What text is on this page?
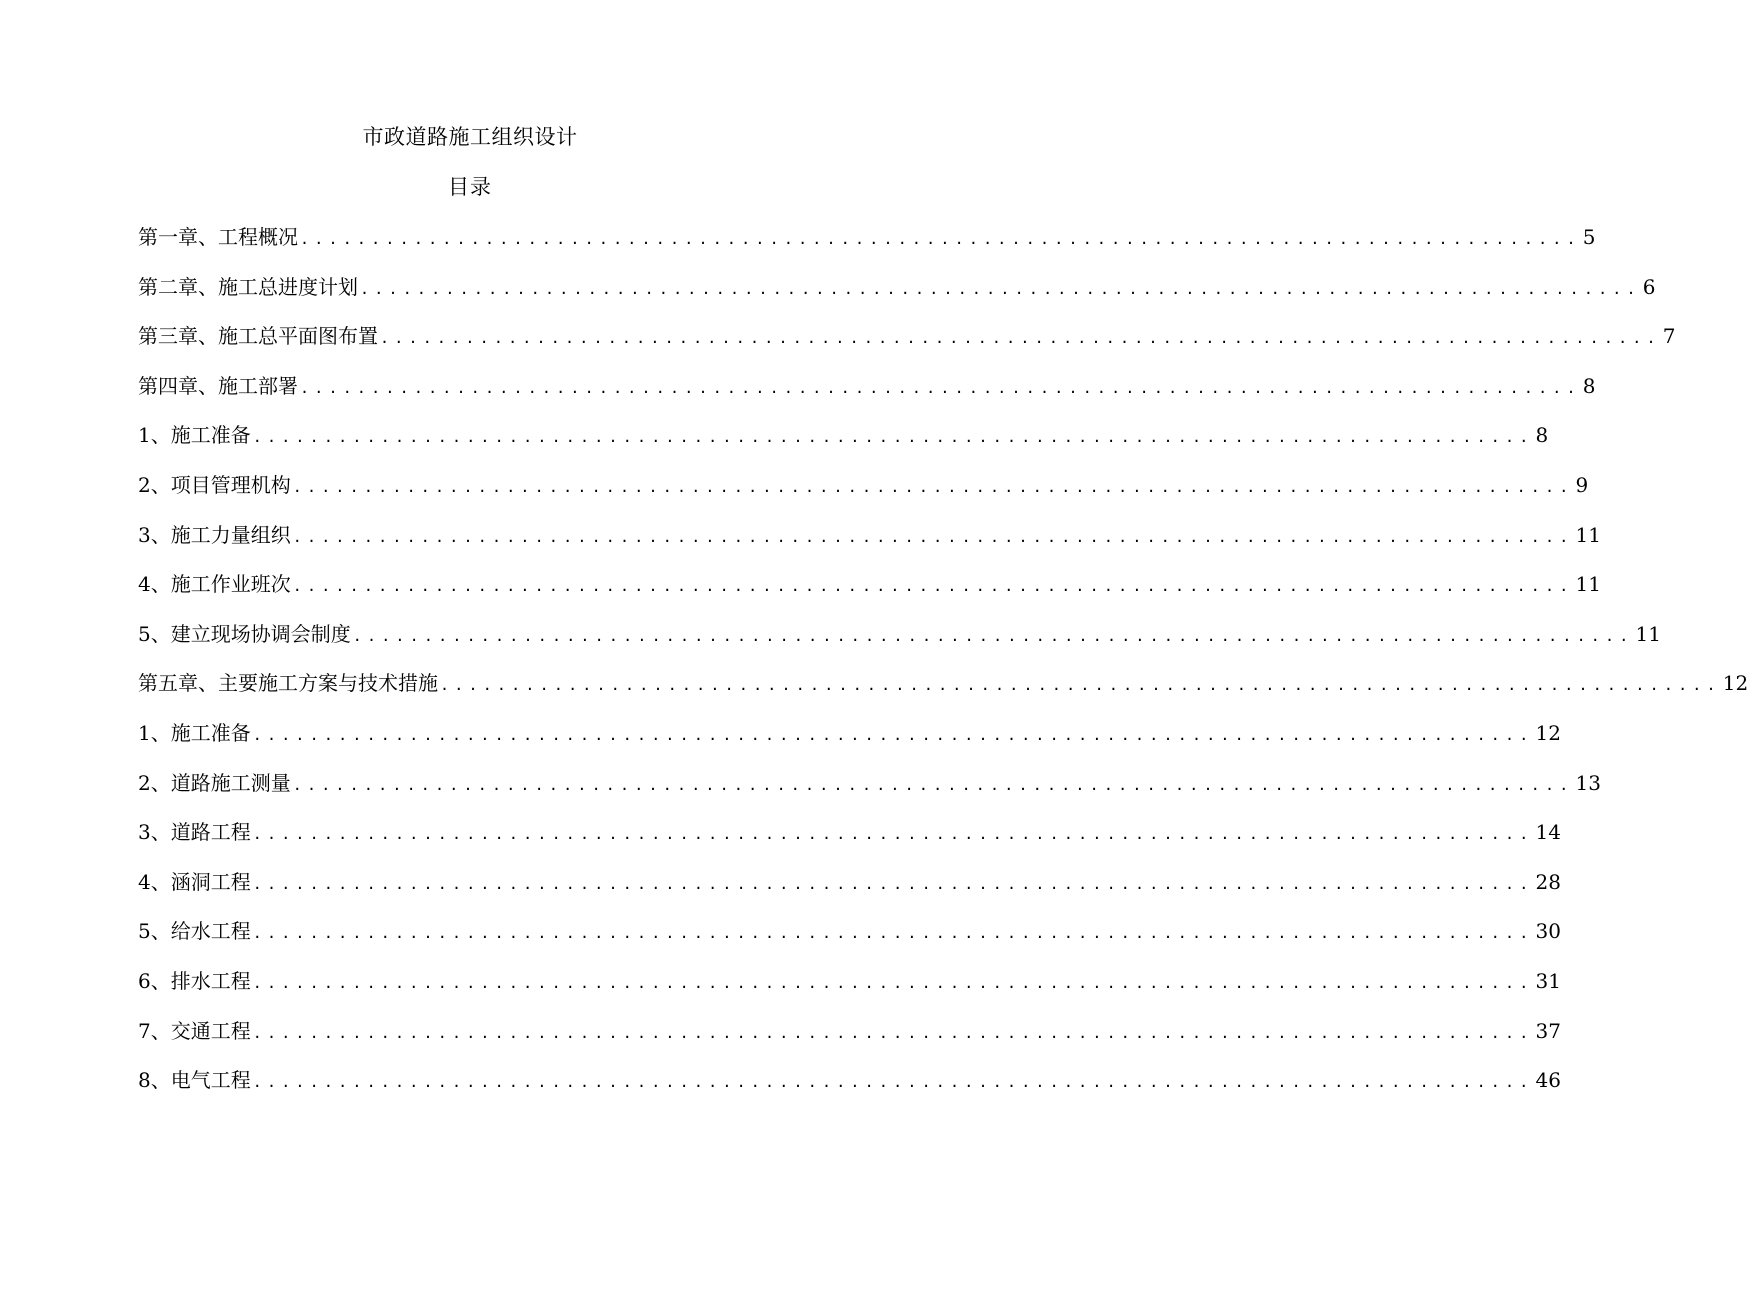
市政道路施工组织设计
目录
第一章、工程概况 .......................................................................................... 5
第二章、施工总进度计划 .......................................................................................... 6
第三章、施工总平面图布置 .......................................................................................... 7
第四章、施工部署 .......................................................................................... 8
1、施工准备 .......................................................................................... 8
2、项目管理机构 .......................................................................................... 9
3、施工力量组织 .......................................................................................... 11
4、施工作业班次 .......................................................................................... 11
5、建立现场协调会制度 .......................................................................................... 11
第五章、主要施工方案与技术措施 .......................................................................................... 12
1、施工准备 .......................................................................................... 12
2、道路施工测量 .......................................................................................... 13
3、道路工程 .......................................................................................... 14
4、涵洞工程 .......................................................................................... 28
5、给水工程 .......................................................................................... 30
6、排水工程 .......................................................................................... 31
7、交通工程 .......................................................................................... 37
8、电气工程 .......................................................................................... 46
